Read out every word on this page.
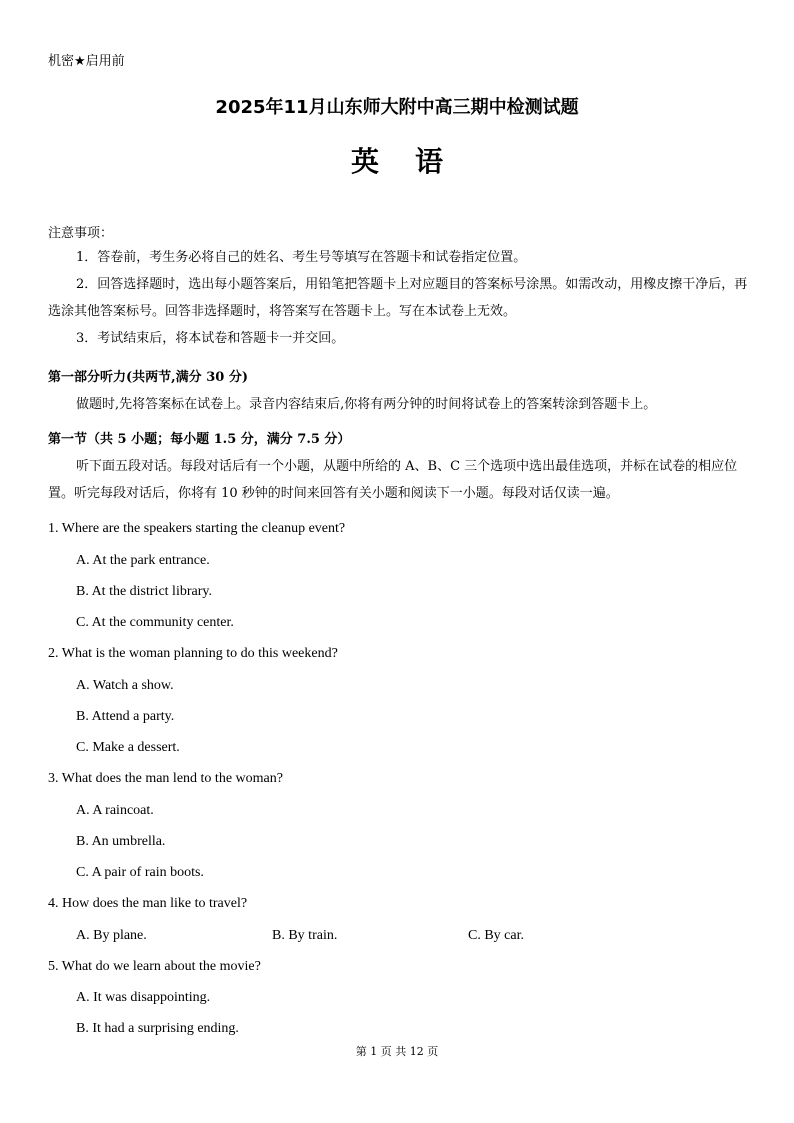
机密★启用前
2025年11月山东师大附中高三期中检测试题
英语
注意事项：
1．答卷前，考生务必将自己的姓名、考生号等填写在答题卡和试卷指定位置。
2．回答选择题时，选出每小题答案后，用铅笔把答题卡上对应题目的答案标号涂黑。如需改动，用橡皮擦干净后，再选涂其他答案标号。回答非选择题时，将答案写在答题卡上。写在本试卷上无效。
3．考试结束后，将本试卷和答题卡一并交回。
第一部分听力(共两节,满分 30 分)
做题时,先将答案标在试卷上。录音内容结束后,你将有两分钟的时间将试卷上的答案转涂到答题卡上。
第一节（共 5 小题；每小题 1.5 分，满分 7.5 分）
听下面五段对话。每段对话后有一个小题，从题中所给的 A、B、C 三个选项中选出最佳选项，并标在试卷的相应位置。听完每段对话后，你将有 10 秒钟的时间来回答有关小题和阅读下一小题。每段对话仅读一遍。
1. Where are the speakers starting the cleanup event?
A. At the park entrance.
B. At the district library.
C. At the community center.
2. What is the woman planning to do this weekend?
A. Watch a show.
B. Attend a party.
C. Make a dessert.
3. What does the man lend to the woman?
A. A raincoat.
B. An umbrella.
C. A pair of rain boots.
4. How does the man like to travel?
A. By plane.	B. By train.	C. By car.
5. What do we learn about the movie?
A. It was disappointing.
B. It had a surprising ending.
第 1 页 共 12 页
